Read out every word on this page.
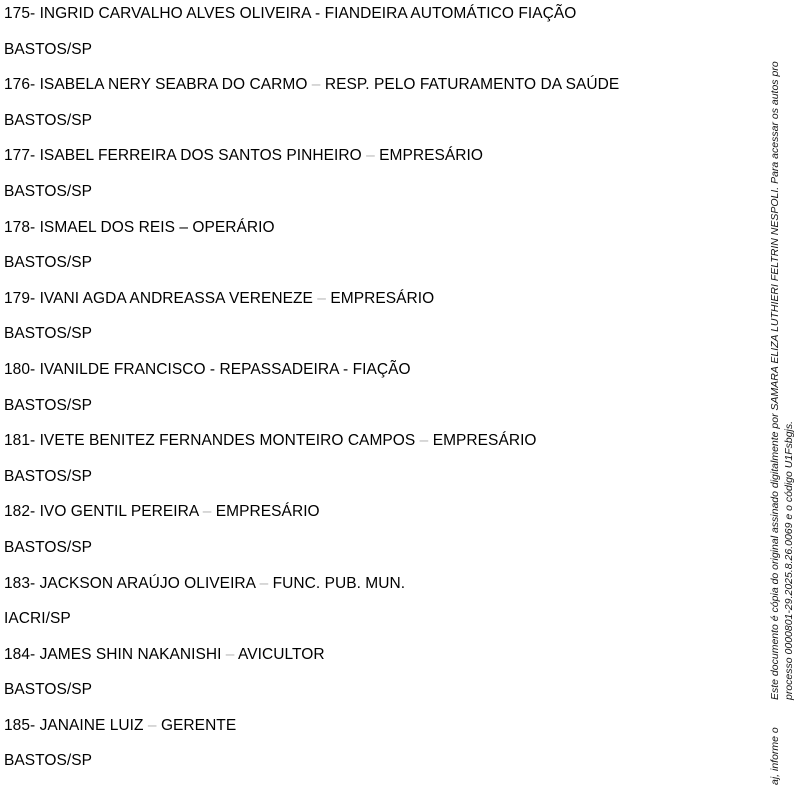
175- INGRID CARVALHO ALVES OLIVEIRA - FIANDEIRA AUTOMÁTICO FIAÇÃO
BASTOS/SP
176- ISABELA NERY SEABRA DO CARMO – RESP. PELO FATURAMENTO DA SAÚDE
BASTOS/SP
177- ISABEL FERREIRA DOS SANTOS PINHEIRO – EMPRESÁRIO
BASTOS/SP
178- ISMAEL DOS REIS – OPERÁRIO
BASTOS/SP
179- IVANI AGDA ANDREASSA VERENEZE – EMPRESÁRIO
BASTOS/SP
180- IVANILDE FRANCISCO - REPASSADEIRA - FIAÇÃO
BASTOS/SP
181- IVETE BENITEZ FERNANDES MONTEIRO CAMPOS – EMPRESÁRIO
BASTOS/SP
182- IVO GENTIL PEREIRA – EMPRESÁRIO
BASTOS/SP
183- JACKSON ARAÚJO OLIVEIRA – FUNC. PUB. MUN.
IACRI/SP
184- JAMES SHIN NAKANISHI – AVICULTOR
BASTOS/SP
185- JANAINE LUIZ – GERENTE
BASTOS/SP
Este documento é cópia do original assinado digitalmente por SAMARA ELIZA LUTHIERI FELTRIN NESPOLI. Para acessar os autos pro processo 0000801-29.2025.8.26.0069 e o código U1Fsbgjs.
aj, informe o
